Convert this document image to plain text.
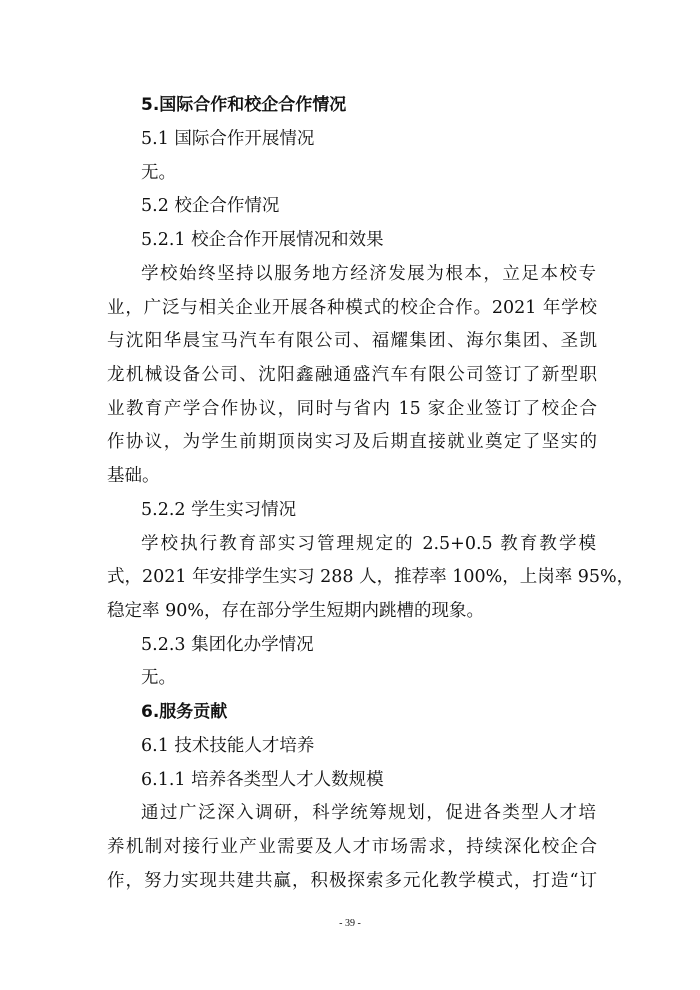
5.国际合作和校企合作情况
5.1 国际合作开展情况
无。
5.2 校企合作情况
5.2.1 校企合作开展情况和效果
学校始终坚持以服务地方经济发展为根本，立足本校专
业，广泛与相关企业开展各种模式的校企合作。2021 年学校
与沈阳华晨宝马汽车有限公司、福耀集团、海尔集团、圣凯
龙机械设备公司、沈阳鑫融通盛汽车有限公司签订了新型职
业教育产学合作协议，同时与省内 15 家企业签订了校企合
作协议，为学生前期顶岗实习及后期直接就业奠定了坚实的
基础。
5.2.2 学生实习情况
学校执行教育部实习管理规定的 2.5+0.5 教育教学模
式，2021 年安排学生实习 288 人，推荐率 100%，上岗率 95%，
稳定率 90%，存在部分学生短期内跳槽的现象。
5.2.3 集团化办学情况
无。
6.服务贡献
6.1 技术技能人才培养
6.1.1 培养各类型人才人数规模
通过广泛深入调研，科学统筹规划，促进各类型人才培
养机制对接行业产业需要及人才市场需求，持续深化校企合
作，努力实现共建共赢，积极探索多元化教学模式，打造“订
- 39 -
